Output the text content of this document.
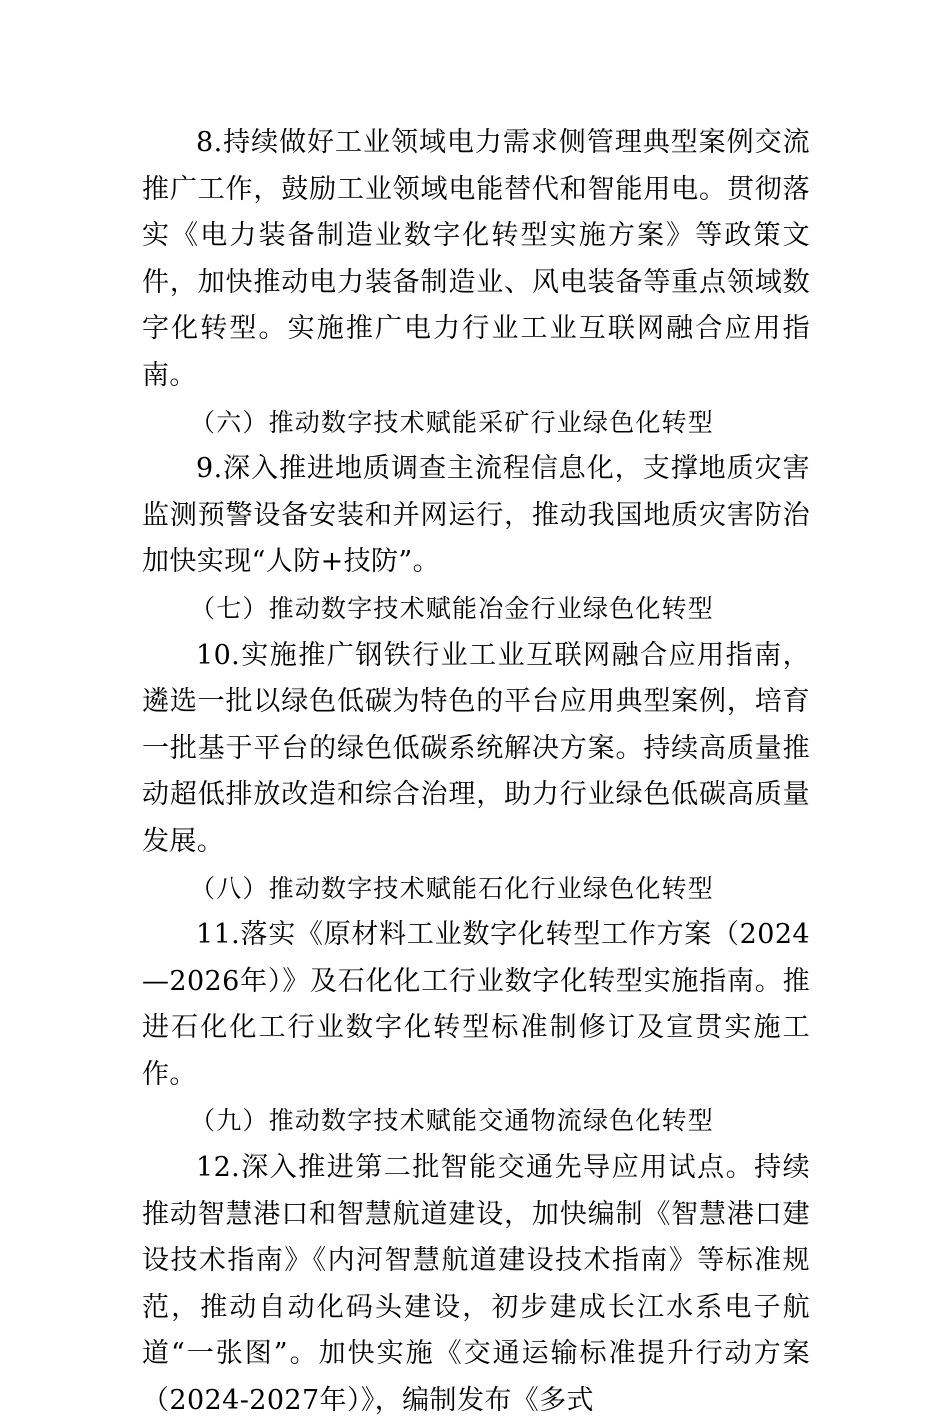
8.持续做好工业领域电力需求侧管理典型案例交流推广工作，鼓励工业领域电能替代和智能用电。贯彻落实《电力装备制造业数字化转型实施方案》等政策文件，加快推动电力装备制造业、风电装备等重点领域数字化转型。实施推广电力行业工业互联网融合应用指南。

（六）推动数字技术赋能采矿行业绿色化转型

9.深入推进地质调查主流程信息化，支撑地质灾害监测预警设备安装和并网运行，推动我国地质灾害防治加快实现“人防+技防”。

（七）推动数字技术赋能冶金行业绿色化转型

10.实施推广钢铁行业工业互联网融合应用指南，遴选一批以绿色低碳为特色的平台应用典型案例，培育一批基于平台的绿色低碳系统解决方案。持续高质量推动超低排放改造和综合治理，助力行业绿色低碳高质量发展。

（八）推动数字技术赋能石化行业绿色化转型

11.落实《原材料工业数字化转型工作方案（2024—2026年）》及石化化工行业数字化转型实施指南。推进石化化工行业数字化转型标准制修订及宣贯实施工作。

（九）推动数字技术赋能交通物流绿色化转型

12.深入推进第二批智能交通先导应用试点。持续推动智慧港口和智慧航道建设，加快编制《智慧港口建设技术指南》《内河智慧航道建设技术指南》等标准规范，推动自动化码头建设，初步建成长江水系电子航道“一张图”。加快实施《交通运输标准提升行动方案（2024-2027年）》，编制发布《多式
